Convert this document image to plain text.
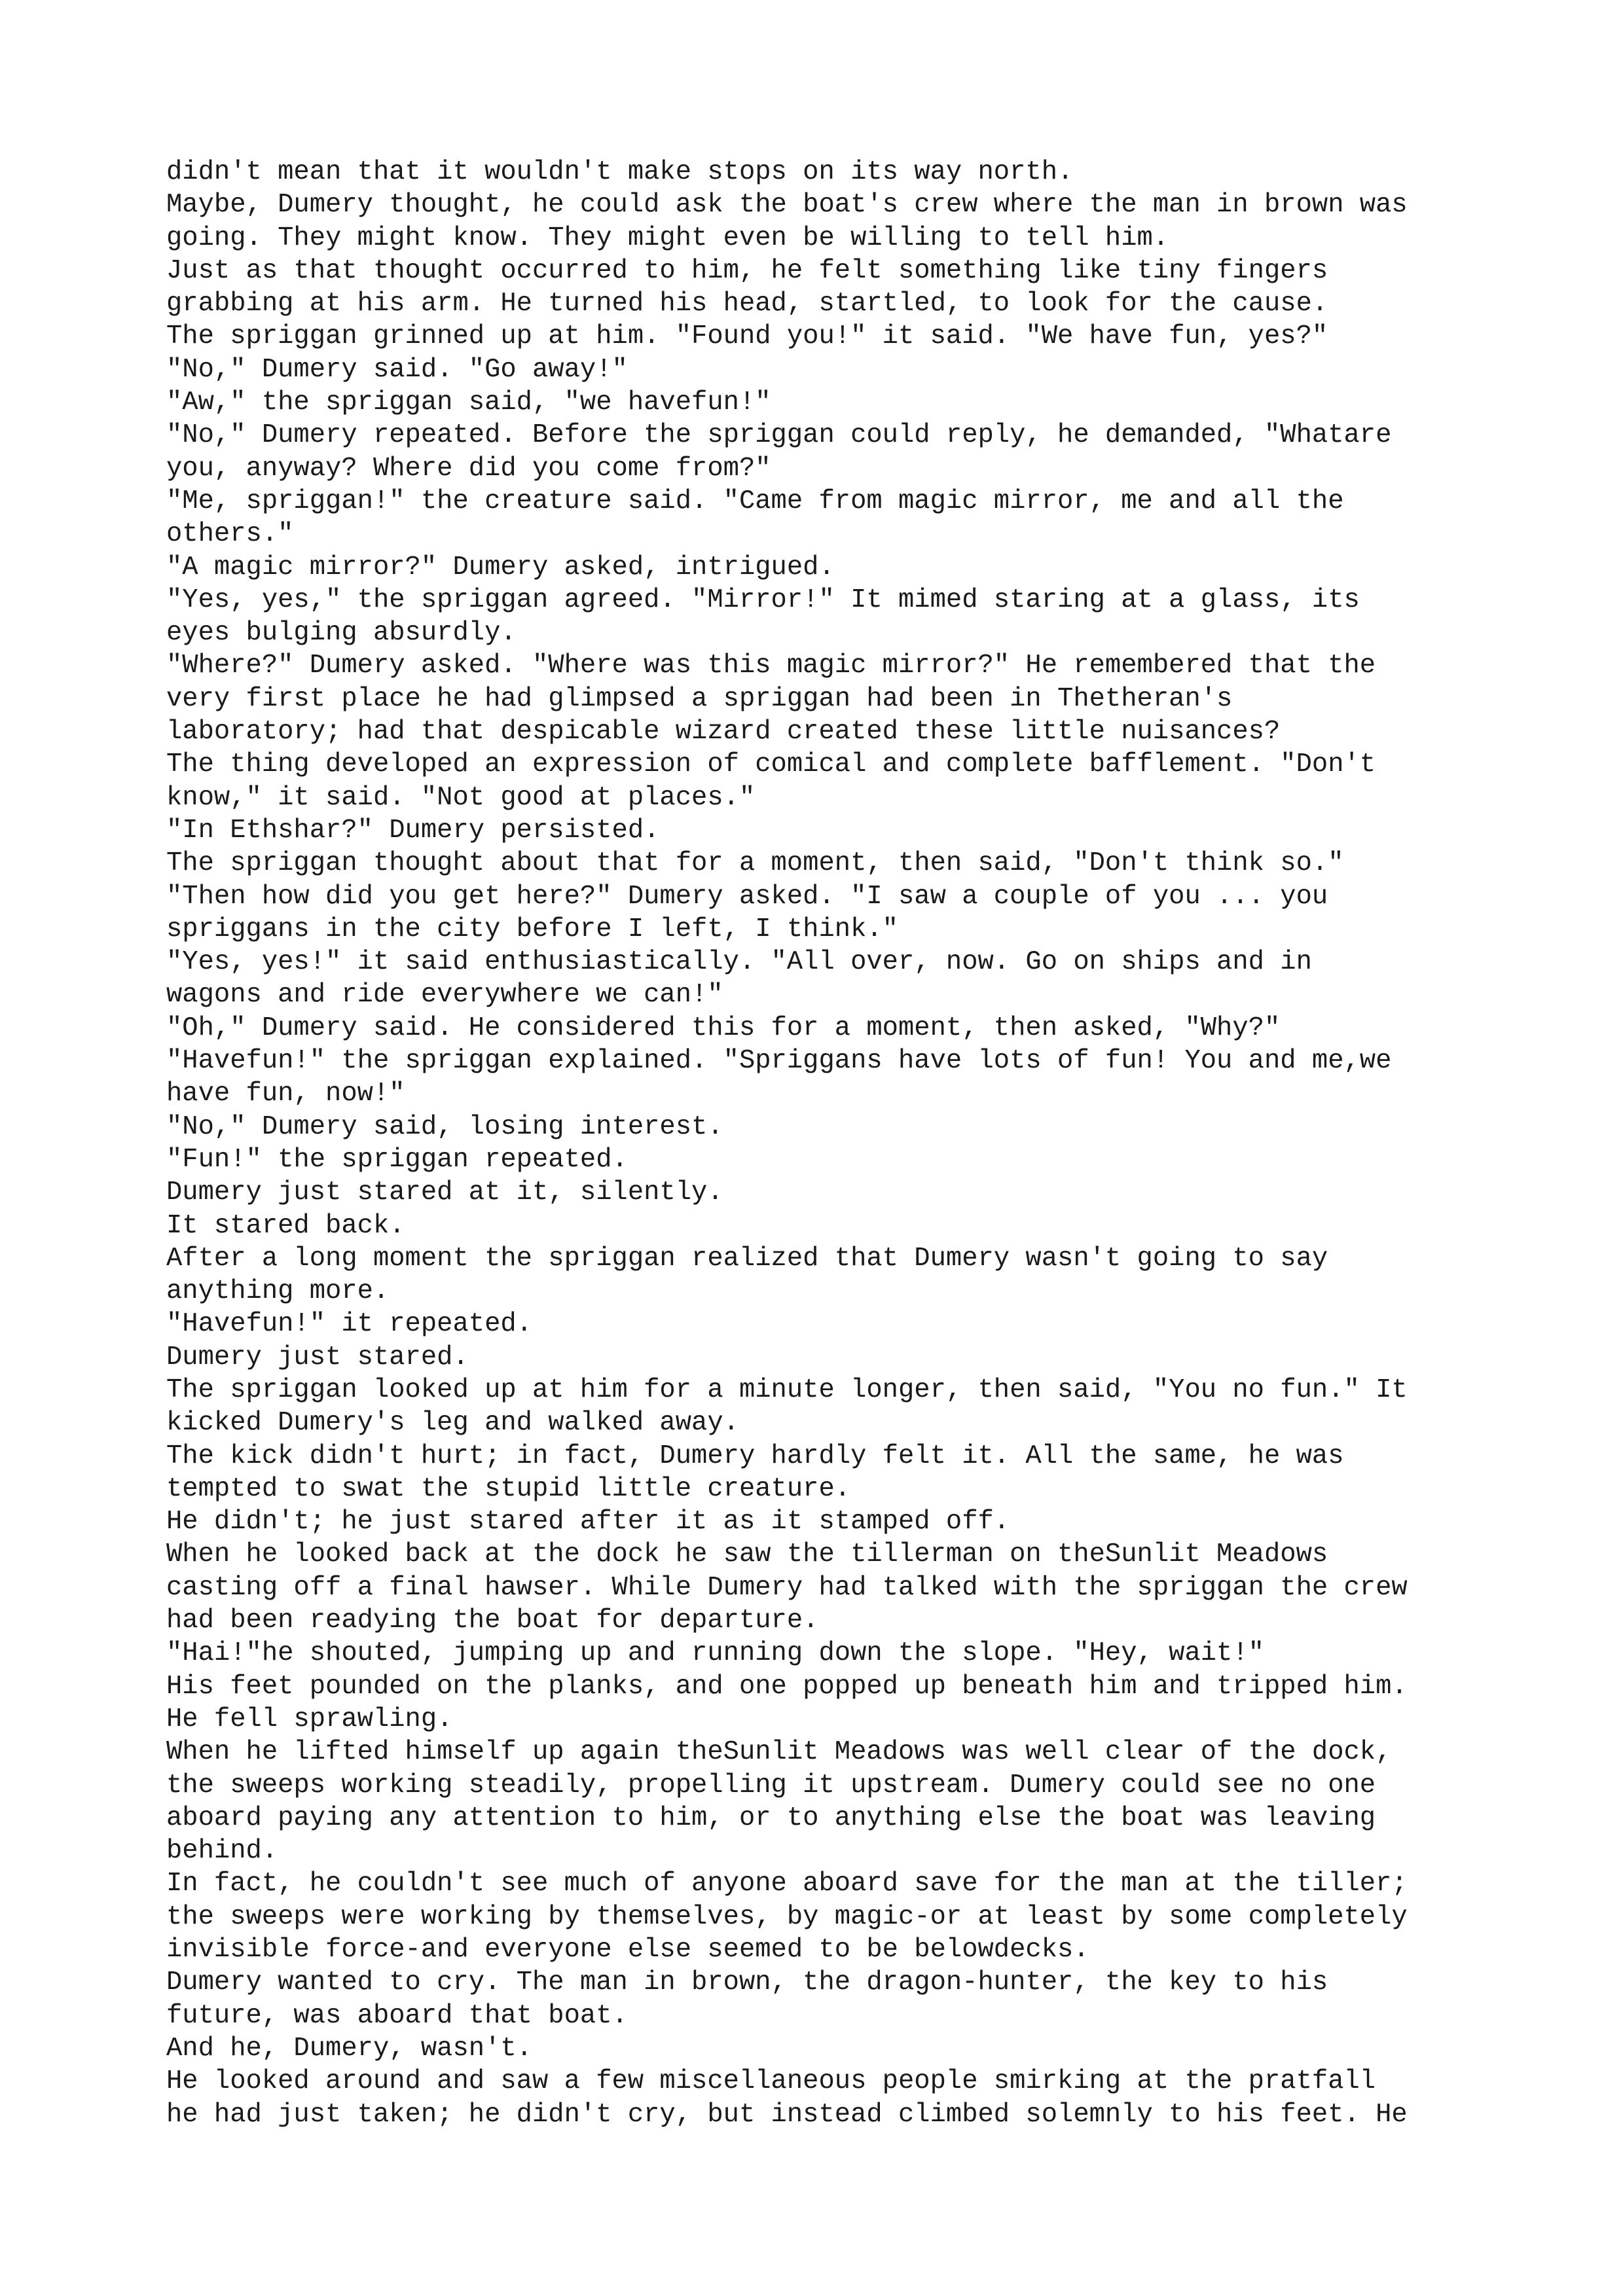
didn't mean that it wouldn't make stops on its way north.
Maybe, Dumery thought, he could ask the boat's crew where the man in brown was
going. They might know. They might even be willing to tell him.
Just as that thought occurred to him, he felt something like tiny fingers
grabbing at his arm. He turned his head, startled, to look for the cause.
The spriggan grinned up at him. "Found you!" it said. "We have fun, yes?"
"No," Dumery said. "Go away!"
"Aw," the spriggan said, "we havefun!"
"No," Dumery repeated. Before the spriggan could reply, he demanded, "Whatare
you, anyway? Where did you come from?"
"Me, spriggan!" the creature said. "Came from magic mirror, me and all the
others."
"A magic mirror?" Dumery asked, intrigued.
"Yes, yes," the spriggan agreed. "Mirror!" It mimed staring at a glass, its
eyes bulging absurdly.
"Where?" Dumery asked. "Where was this magic mirror?" He remembered that the
very first place he had glimpsed a spriggan had been in Thetheran's
laboratory; had that despicable wizard created these little nuisances?
The thing developed an expression of comical and complete bafflement. "Don't
know," it said. "Not good at places."
"In Ethshar?" Dumery persisted.
The spriggan thought about that for a moment, then said, "Don't think so."
"Then how did you get here?" Dumery asked. "I saw a couple of you ... you
spriggans in the city before I left, I think."
"Yes, yes!" it said enthusiastically. "All over, now. Go on ships and in
wagons and ride everywhere we can!"
"Oh," Dumery said. He considered this for a moment, then asked, "Why?"
"Havefun!" the spriggan explained. "Spriggans have lots of fun! You and me,we
have fun, now!"
"No," Dumery said, losing interest.
"Fun!" the spriggan repeated.
Dumery just stared at it, silently.
It stared back.
After a long moment the spriggan realized that Dumery wasn't going to say
anything more.
"Havefun!" it repeated.
Dumery just stared.
The spriggan looked up at him for a minute longer, then said, "You no fun." It
kicked Dumery's leg and walked away.
The kick didn't hurt; in fact, Dumery hardly felt it. All the same, he was
tempted to swat the stupid little creature.
He didn't; he just stared after it as it stamped off.
When he looked back at the dock he saw the tillerman on theSunlit Meadows
casting off a final hawser. While Dumery had talked with the spriggan the crew
had been readying the boat for departure.
"Hai!"he shouted, jumping up and running down the slope. "Hey, wait!"
His feet pounded on the planks, and one popped up beneath him and tripped him.
He fell sprawling.
When he lifted himself up again theSunlit Meadows was well clear of the dock,
the sweeps working steadily, propelling it upstream. Dumery could see no one
aboard paying any attention to him, or to anything else the boat was leaving
behind.
In fact, he couldn't see much of anyone aboard save for the man at the tiller;
the sweeps were working by themselves, by magic-or at least by some completely
invisible force-and everyone else seemed to be belowdecks.
Dumery wanted to cry. The man in brown, the dragon-hunter, the key to his
future, was aboard that boat.
And he, Dumery, wasn't.
He looked around and saw a few miscellaneous people smirking at the pratfall
he had just taken; he didn't cry, but instead climbed solemnly to his feet. He
